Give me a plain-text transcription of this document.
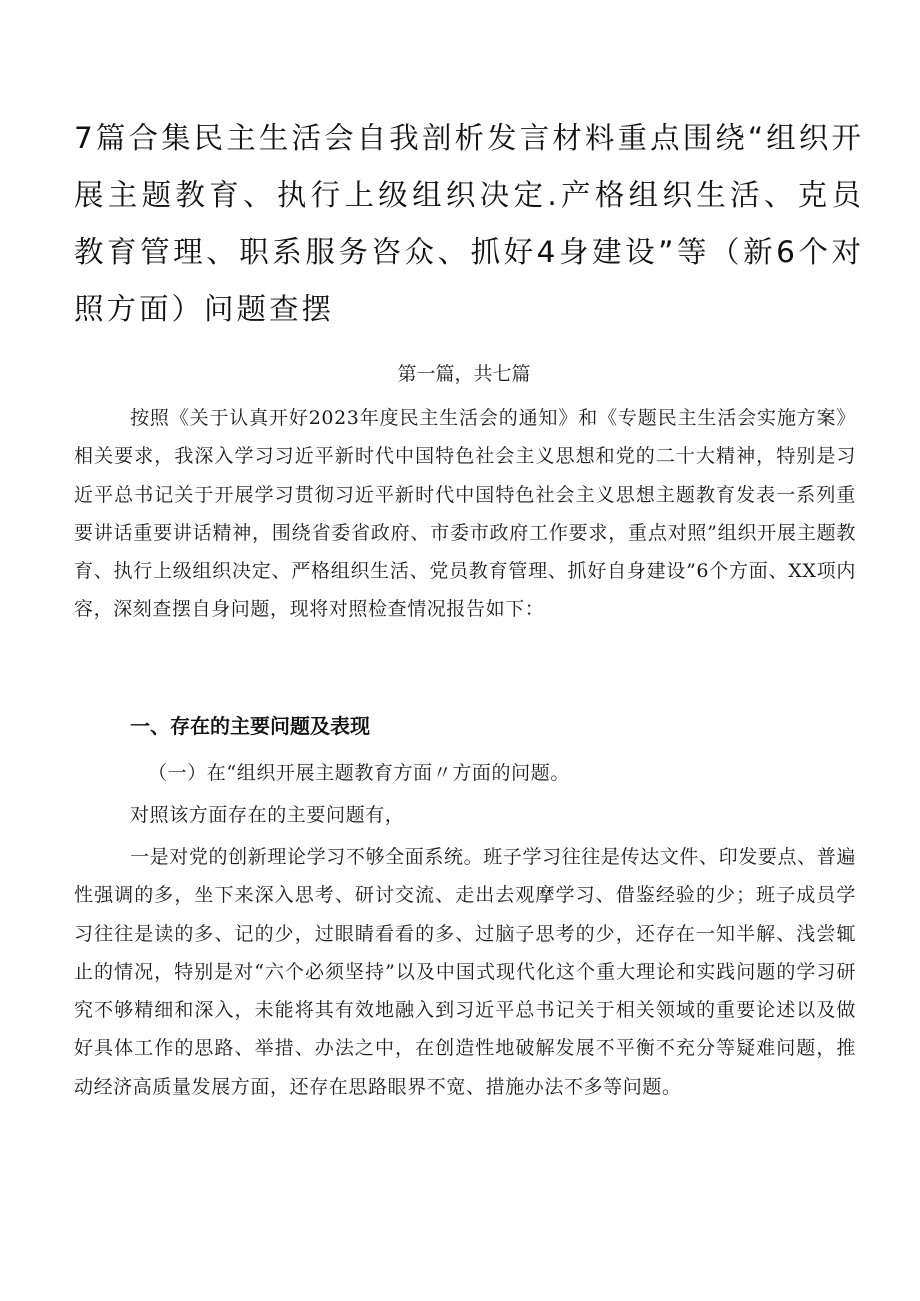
7篇合集民主生活会自我剖析发言材料重点围绕“组织开展主题教育、执行上级组织决定.产格组织生活、克员教育管理、职系服务咨众、抓好4身建设”等（新6个对照方面）问题查摆

第一篇，共七篇

按照《关于认真开好2023年度民主生活会的通知》和《专题民主生活会实施方案》相关要求，我深入学习习近平新时代中国特色社会主义思想和党的二十大精神，特别是习近平总书记关于开展学习贯彻习近平新时代中国特色社会主义思想主题教育发表一系列重要讲话重要讲话精神，围绕省委省政府、市委市政府工作要求，重点对照”组织开展主题教育、执行上级组织决定、严格组织生活、党员教育管理、抓好自身建设”6个方面、XX项内容，深刻查摆自身问题，现将对照检查情况报告如下：

一、存在的主要问题及表现

（一）在“组织开展主题教育方面〃方面的问题。

对照该方面存在的主要问题有，

一是对党的创新理论学习不够全面系统。班子学习往往是传达文件、印发要点、普遍性强调的多，坐下来深入思考、研讨交流、走出去观摩学习、借鉴经验的少；班子成员学习往往是读的多、记的少，过眼睛看看的多、过脑子思考的少，还存在一知半解、浅尝辄止的情况，特别是对“六个必须坚持”以及中国式现代化这个重大理论和实践问题的学习研究不够精细和深入，未能将其有效地融入到习近平总书记关于相关领域的重要论述以及做好具体工作的思路、举措、办法之中，在创造性地破解发展不平衡不充分等疑难问题，推动经济高质量发展方面，还存在思路眼界不宽、措施办法不多等问题。
